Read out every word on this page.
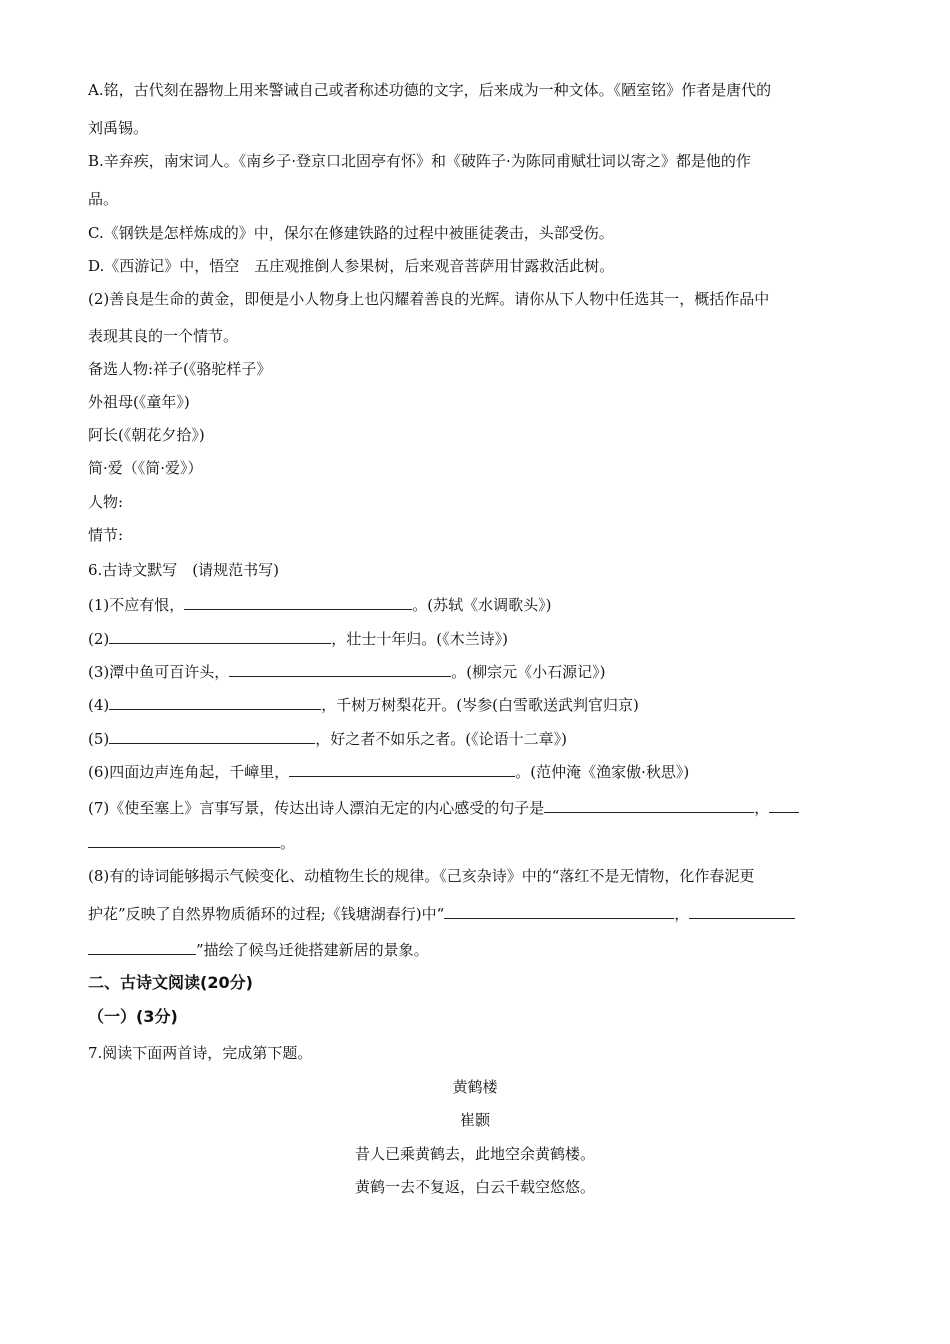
A.铭，古代刻在器物上用来警诫自己或者称述功德的文字，后来成为一种文体。《陋室铭》作者是唐代的
刘禹锡。
B.辛弃疾，南宋词人。《南乡子·登京口北固亭有怀》和《破阵子·为陈同甫赋壮词以寄之》都是他的作
品。
C.《钢铁是怎样炼成的》中，保尔在修建铁路的过程中被匪徒袭击，头部受伤。
D.《西游记》中，悟空　五庄观推倒人参果树，后来观音菩萨用甘露救活此树。
(2)善良是生命的黄金，即便是小人物身上也闪耀着善良的光辉。请你从下人物中任选其一，概括作品中
表现其良的一个情节。
备选人物:祥子(《骆驼样子》
外祖母(《童年》)
阿长(《朝花夕拾》)
简·爱（《简·爱》）
人物:
情节:
6.古诗文默写　(请规范书写)
(1)不应有恨，	。(苏轼《水调歌头》)
(2)	，壮士十年归。(《木兰诗》)
(3)潭中鱼可百许头，	。(柳宗元《小石源记》)
(4)	，千树万树梨花开。(岑参(白雪歌送武判官归京)
(5)	，好之者不如乐之者。(《论语十二章》)
(6)四面边声连角起，千嶂里，	。(范仲淹《渔家傲·秋思》)
(7)《使至塞上》言事写景，传达出诗人漂泊无定的内心感受的句子是	，
。
(8)有的诗词能够揭示气候变化、动植物生长的规律。《己亥杂诗》中的“落红不是无情物，化作春泥更
护花”反映了自然界物质循环的过程;《钱塘湖春行)中“	，
”描绘了候鸟迁徙搭建新居的景象。
二、古诗文阅读(20分)
（一）(3分)
7.阅读下面两首诗，完成第下题。
黄鹤楼
崔颢
昔人已乘黄鹤去，此地空余黄鹤楼。
黄鹤一去不复返，白云千载空悠悠。
